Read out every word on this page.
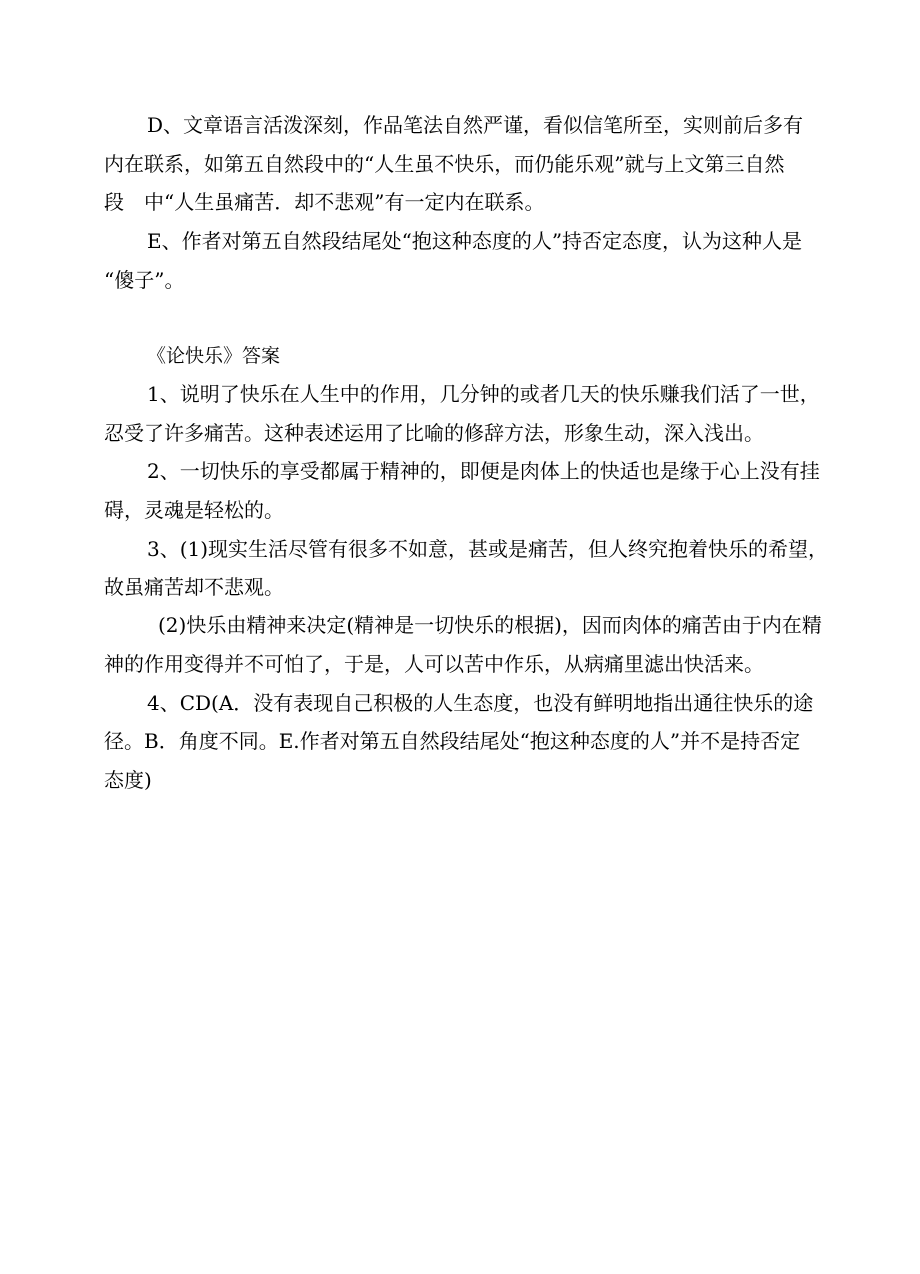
D、文章语言活泼深刻，作品笔法自然严谨，看似信笔所至，实则前后多有
内在联系，如第五自然段中的“人生虽不快乐，而仍能乐观”就与上文第三自然
段　中“人生虽痛苦．却不悲观”有一定内在联系。
E、作者对第五自然段结尾处“抱这种态度的人”持否定态度，认为这种人是
“傻子”。
《论快乐》答案
1、说明了快乐在人生中的作用，几分钟的或者几天的快乐赚我们活了一世，
忍受了许多痛苦。这种表述运用了比喻的修辞方法，形象生动，深入浅出。
2、一切快乐的享受都属于精神的，即便是肉体上的快适也是缘于心上没有挂
碍，灵魂是轻松的。
3、(1)现实生活尽管有很多不如意，甚或是痛苦，但人终究抱着快乐的希望，
故虽痛苦却不悲观。
(2)快乐由精神来决定(精神是一切快乐的根据)，因而肉体的痛苦由于内在精
神的作用变得并不可怕了，于是，人可以苦中作乐，从病痛里滤出快活来。
4、CD(A．没有表现自己积极的人生态度，也没有鲜明地指出通往快乐的途
径。B．角度不同。E.作者对第五自然段结尾处“抱这种态度的人”并不是持否定
态度)
